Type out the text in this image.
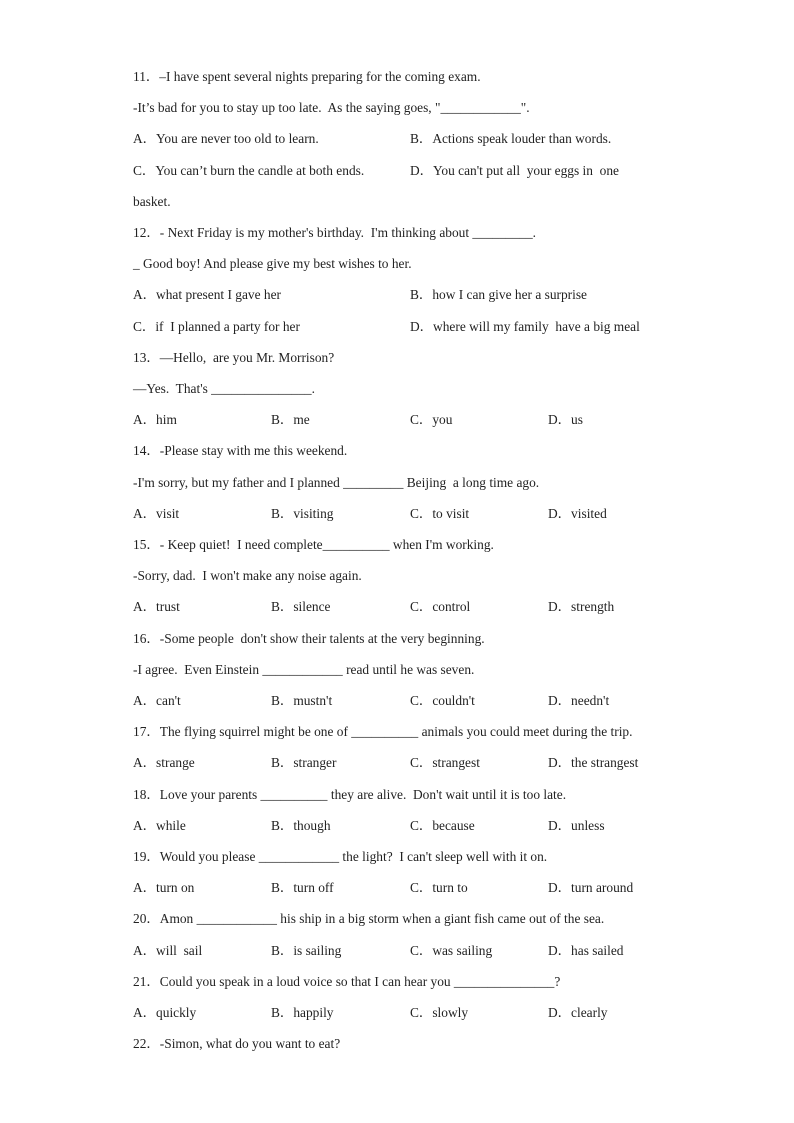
11．–I have spent several nights preparing for the coming exam.
-It’s bad for you to stay up too late.  As the saying goes, "____________".
A．You are never too old to learn.	B．Actions speak louder than words.
C．You can’t burn the candle at both ends.	D．You can't put all  your eggs in  one
basket.
12．- Next Friday is my mother's birthday.  I'm thinking about _________.
_ Good boy! And please give my best wishes to her.
A．what present I gave her	B．how I can give her a surprise
C．if  I planned a party for her	D．where will my family  have a big meal
13．—Hello,  are you Mr. Morrison?
—Yes.  That's _______________.
A．him	B．me	C．you	D．us
14．-Please stay with me this weekend.
-I'm sorry, but my father and I planned _________ Beijing  a long time ago.
A．visit	B．visiting	C．to visit	D．visited
15．- Keep quiet!  I need complete__________ when I'm working.
-Sorry, dad.  I won't make any noise again.
A．trust	B．silence	C．control	D．strength
16．-Some people  don't show their talents at the very beginning.
-I agree.  Even Einstein ____________ read until he was seven.
A．can't	B．mustn't	C．couldn't	D．needn't
17．The flying squirrel might be one of __________ animals you could meet during the trip.
A．strange	B．stranger	C．strangest	D．the strangest
18．Love your parents __________ they are alive.  Don't wait until it is too late.
A．while	B．though	C．because	D．unless
19．Would you please ____________ the light?  I can't sleep well with it on.
A．turn on	B．turn off	C．turn to	D．turn around
20．Amon ____________ his ship in a big storm when a giant fish came out of the sea.
A．will  sail	B．is sailing	C．was sailing	D．has sailed
21．Could you speak in a loud voice so that I can hear you _______________?
A．quickly	B．happily	C．slowly	D．clearly
22．-Simon, what do you want to eat?
